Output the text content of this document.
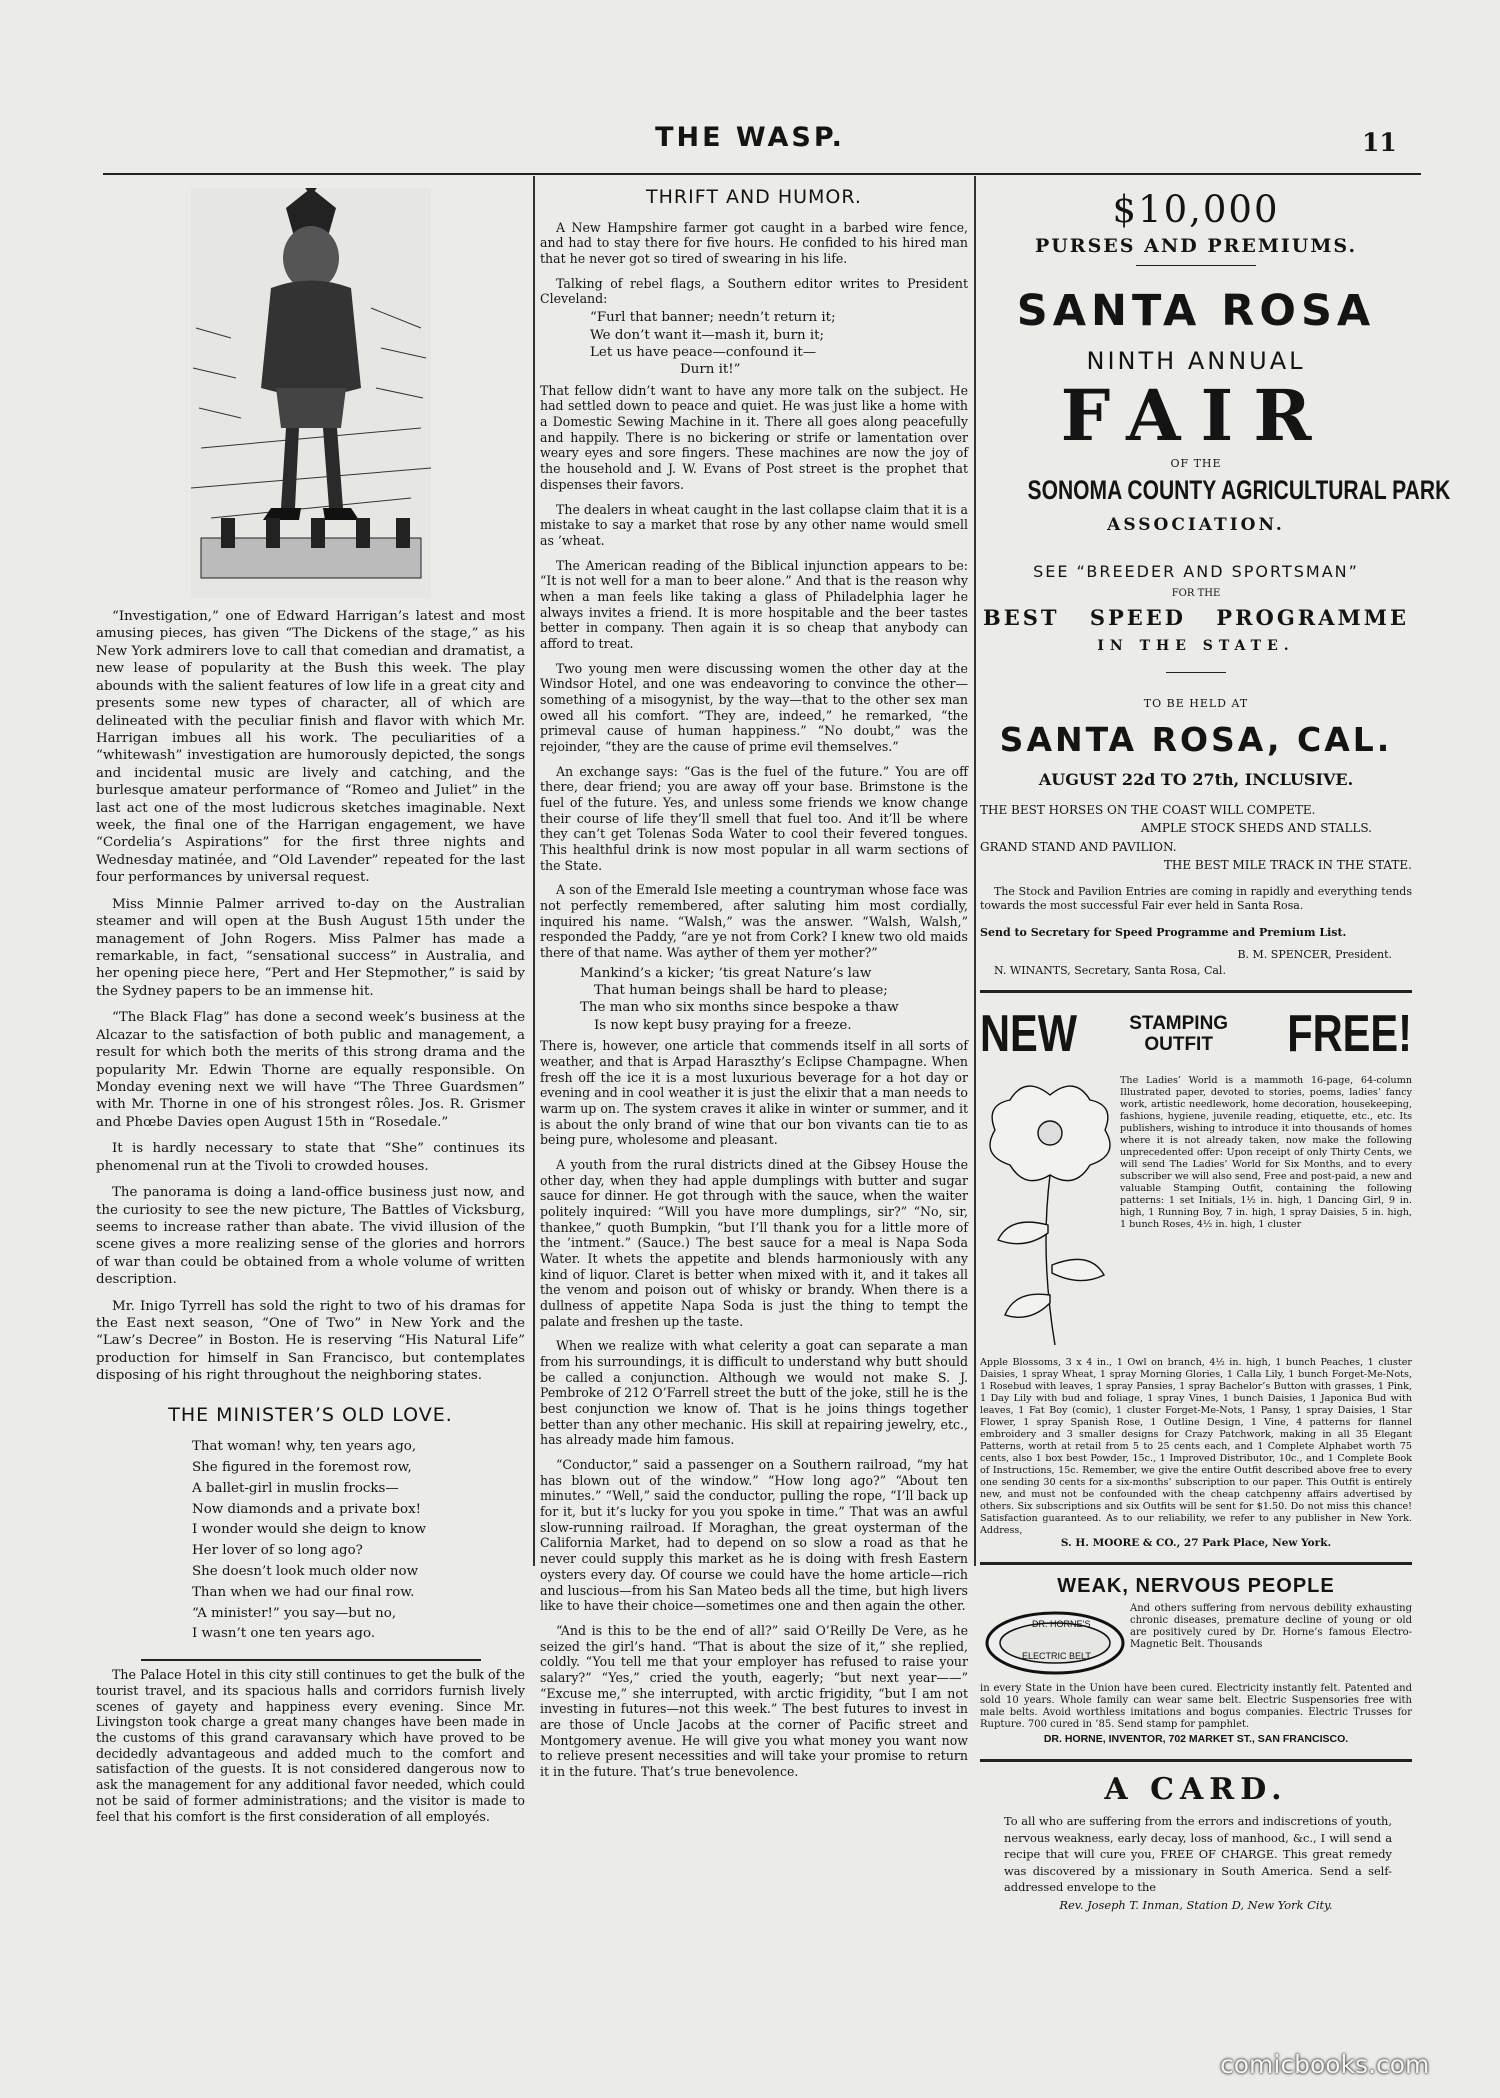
THE WASP.	11

“Investigation,” one of Edward Harrigan’s latest and most amusing pieces, has given “The Dickens of the stage,” as his New York admirers love to call that comedian and dramatist, a new lease of popularity at the Bush this week. The play abounds with the salient features of low life in a great city and presents some new types of character, all of which are delineated with the peculiar finish and flavor with which Mr. Harrigan imbues all his work. The peculiarities of a “whitewash” investigation are humorously depicted, the songs and incidental music are lively and catching, and the burlesque amateur performance of “Romeo and Juliet” in the last act one of the most ludicrous sketches imaginable. Next week, the final one of the Harrigan engagement, we have “Cordelia’s Aspirations” for the first three nights and Wednesday matinée, and “Old Lavender” repeated for the last four performances by universal request.

Miss Minnie Palmer arrived to-day on the Australian steamer and will open at the Bush August 15th under the management of John Rogers. Miss Palmer has made a remarkable, in fact, “sensational success” in Australia, and her opening piece here, “Pert and Her Stepmother,” is said by the Sydney papers to be an immense hit.

“The Black Flag” has done a second week’s business at the Alcazar to the satisfaction of both public and management, a result for which both the merits of this strong drama and the popularity Mr. Edwin Thorne are equally responsible. On Monday evening next we will have “The Three Guardsmen” with Mr. Thorne in one of his strongest rôles. Jos. R. Grismer and Phœbe Davies open August 15th in “Rosedale.”

It is hardly necessary to state that “She” continues its phenomenal run at the Tivoli to crowded houses.

The panorama is doing a land-office business just now, and the curiosity to see the new picture, The Battles of Vicksburg, seems to increase rather than abate. The vivid illusion of the scene gives a more realizing sense of the glories and horrors of war than could be obtained from a whole volume of written description.

Mr. Inigo Tyrrell has sold the right to two of his dramas for the East next season, “One of Two” in New York and the “Law’s Decree” in Boston. He is reserving “His Natural Life” production for himself in San Francisco, but contemplates disposing of his right throughout the neighboring states.

THE MINISTER’S OLD LOVE.
That woman! why, ten years ago,
She figured in the foremost row,
A ballet-girl in muslin frocks—
Now diamonds and a private box!
I wonder would she deign to know
Her lover of so long ago?
She doesn’t look much older now
Than when we had our final row.
“A minister!” you say—but no,
I wasn’t one ten years ago.

The Palace Hotel in this city still continues to get the bulk of the tourist travel, and its spacious halls and corridors furnish lively scenes of gayety and happiness every evening. Since Mr. Livingston took charge a great many changes have been made in the customs of this grand caravansary which have proved to be decidedly advantageous and added much to the comfort and satisfaction of the guests. It is not considered dangerous now to ask the management for any additional favor needed, which could not be said of former administrations; and the visitor is made to feel that his comfort is the first consideration of all employés.

THRIFT AND HUMOR.

A New Hampshire farmer got caught in a barbed wire fence, and had to stay there for five hours. He confided to his hired man that he never got so tired of swearing in his life.

Talking of rebel flags, a Southern editor writes to President Cleveland:

“Furl that banner; needn’t return it;
We don’t want it—mash it, burn it;
Let us have peace—confound it—
Durn it!”

That fellow didn’t want to have any more talk on the subject. He had settled down to peace and quiet. He was just like a home with a Domestic Sewing Machine in it. There all goes along peacefully and happily. There is no bickering or strife or lamentation over weary eyes and sore fingers. These machines are now the joy of the household and J. W. Evans of Post street is the prophet that dispenses their favors.

The dealers in wheat caught in the last collapse claim that it is a mistake to say a market that rose by any other name would smell as ’wheat.

The American reading of the Biblical injunction appears to be: “It is not well for a man to beer alone.” And that is the reason why when a man feels like taking a glass of Philadelphia lager he always invites a friend. It is more hospitable and the beer tastes better in company. Then again it is so cheap that anybody can afford to treat.

Two young men were discussing women the other day at the Windsor Hotel, and one was endeavoring to convince the other—something of a misogynist, by the way—that to the other sex man owed all his comfort. “They are, indeed,” he remarked, “the primeval cause of human happiness.” “No doubt,” was the rejoinder, “they are the cause of prime evil themselves.”

An exchange says: “Gas is the fuel of the future.” You are off there, dear friend; you are away off your base. Brimstone is the fuel of the future. Yes, and unless some friends we know change their course of life they’ll smell that fuel too. And it’ll be where they can’t get Tolenas Soda Water to cool their fevered tongues. This healthful drink is now most popular in all warm sections of the State.

A son of the Emerald Isle meeting a countryman whose face was not perfectly remembered, after saluting him most cordially, inquired his name. “Walsh,” was the answer. “Walsh, Walsh,” responded the Paddy, “are ye not from Cork? I knew two old maids there of that name. Was ayther of them yer mother?”

Mankind’s a kicker; ’tis great Nature’s law
That human beings shall be hard to please;
The man who six months since bespoke a thaw
Is now kept busy praying for a freeze.

There is, however, one article that commends itself in all sorts of weather, and that is Arpad Haraszthy’s Eclipse Champagne. When fresh off the ice it is a most luxurious beverage for a hot day or evening and in cool weather it is just the elixir that a man needs to warm up on. The system craves it alike in winter or summer, and it is about the only brand of wine that our bon vivants can tie to as being pure, wholesome and pleasant.

A youth from the rural districts dined at the Gibsey House the other day, when they had apple dumplings with butter and sugar sauce for dinner. He got through with the sauce, when the waiter politely inquired: “Will you have more dumplings, sir?” “No, sir, thankee,” quoth Bumpkin, “but I’ll thank you for a little more of the ’intment.” (Sauce.) The best sauce for a meal is Napa Soda Water. It whets the appetite and blends harmoniously with any kind of liquor. Claret is better when mixed with it, and it takes all the venom and poison out of whisky or brandy. When there is a dullness of appetite Napa Soda is just the thing to tempt the palate and freshen up the taste.

When we realize with what celerity a goat can separate a man from his surroundings, it is difficult to understand why butt should be called a conjunction. Although we would not make S. J. Pembroke of 212 O’Farrell street the butt of the joke, still he is the best conjunction we know of. That is he joins things together better than any other mechanic. His skill at repairing jewelry, etc., has already made him famous.

“Conductor,” said a passenger on a Southern railroad, “my hat has blown out of the window.” “How long ago?” “About ten minutes.” “Well,” said the conductor, pulling the rope, “I’ll back up for it, but it’s lucky for you you spoke in time.” That was an awful slow-running railroad. If Moraghan, the great oysterman of the California Market, had to depend on so slow a road as that he never could supply this market as he is doing with fresh Eastern oysters every day. Of course we could have the home article—rich and luscious—from his San Mateo beds all the time, but high livers like to have their choice—sometimes one and then again the other.

“And is this to be the end of all?” said O’Reilly De Vere, as he seized the girl’s hand. “That is about the size of it,” she replied, coldly. “You tell me that your employer has refused to raise your salary?” “Yes,” cried the youth, eagerly; “but next year——” “Excuse me,” she interrupted, with arctic frigidity, “but I am not investing in futures—not this week.” The best futures to invest in are those of Uncle Jacobs at the corner of Pacific street and Montgomery avenue. He will give you what money you want now to relieve present necessities and will take your promise to return it in the future. That’s true benevolence.

$10,000
PURSES AND PREMIUMS.
SANTA ROSA
NINTH ANNUAL
FAIR
OF THE
SONOMA COUNTY AGRICULTURAL PARK
ASSOCIATION.
SEE “BREEDER AND SPORTSMAN”
FOR THE
BEST SPEED PROGRAMME
IN THE STATE.
TO BE HELD AT
SANTA ROSA, CAL.
AUGUST 22d TO 27th, INCLUSIVE.
THE BEST HORSES ON THE COAST WILL COMPETE.
AMPLE STOCK SHEDS AND STALLS.
GRAND STAND AND PAVILION.
THE BEST MILE TRACK IN THE STATE.
The Stock and Pavilion Entries are coming in rapidly and everything tends towards the most successful Fair ever held in Santa Rosa.
Send to Secretary for Speed Programme and Premium List.
B. M. SPENCER, President.
N. WINANTS, Secretary, Santa Rosa, Cal.
NEW	STAMPING
OUTFIT FREE!
The Ladies’ World is a mammoth 16-page, 64-column Illustrated paper, devoted to stories, poems, ladies’ fancy work, artistic needlework, home decoration, housekeeping, fashions, hygiene, juvenile reading, etiquette, etc., etc. Its publishers, wishing to introduce it into thousands of homes where it is not already taken, now make the following unprecedented offer: Upon receipt of only Thirty Cents, we will send The Ladies’ World for Six Months, and to every subscriber we will also send, Free and post-paid, a new and valuable Stamping Outfit, containing the following patterns: 1 set Initials, 1½ in. high, 1 Dancing Girl, 9 in. high, 1 Running Boy, 7 in. high, 1 spray Daisies, 5 in. high, 1 bunch Roses, 4½ in. high, 1 cluster
Apple Blossoms, 3 x 4 in., 1 Owl on branch, 4½ in. high, 1 bunch Peaches, 1 cluster Daisies, 1 spray Wheat, 1 spray Morning Glories, 1 Calla Lily, 1 bunch Forget-Me-Nots, 1 Rosebud with leaves, 1 spray Pansies, 1 spray Bachelor’s Button with grasses, 1 Pink, 1 Day Lily with bud and foliage, 1 spray Vines, 1 bunch Daisies, 1 Japonica Bud with leaves, 1 Fat Boy (comic), 1 cluster Forget-Me-Nots, 1 Pansy, 1 spray Daisies, 1 Star Flower, 1 spray Spanish Rose, 1 Outline Design, 1 Vine, 4 patterns for flannel embroidery and 3 smaller designs for Crazy Patchwork, making in all 35 Elegant Patterns, worth at retail from 5 to 25 cents each, and 1 Complete Alphabet worth 75 cents, also 1 box best Powder, 15c., 1 Improved Distributor, 10c., and 1 Complete Book of Instructions, 15c. Remember, we give the entire Outfit described above free to every one sending 30 cents for a six-months’ subscription to our paper. This Outfit is entirely new, and must not be confounded with the cheap catchpenny affairs advertised by others. Six subscriptions and six Outfits will be sent for $1.50. Do not miss this chance! Satisfaction guaranteed. As to our reliability, we refer to any publisher in New York. Address,
S. H. MOORE & CO., 27 Park Place, New York.
WEAK, NERVOUS PEOPLE
DR. HORNE’S
ELECTRIC BELT
And others suffering from nervous debility exhausting chronic diseases, premature decline of young or old are positively cured by Dr. Horne’s famous Electro-Magnetic Belt. Thousands
in every State in the Union have been cured. Electricity instantly felt. Patented and sold 10 years. Whole family can wear same belt. Electric Suspensories free with male belts. Avoid worthless imitations and bogus companies. Electric Trusses for Rupture. 700 cured in ’85. Send stamp for pamphlet.
DR. HORNE, INVENTOR, 702 MARKET ST., SAN FRANCISCO.
A CARD.
To all who are suffering from the errors and indiscretions of youth, nervous weakness, early decay, loss of manhood, &c., I will send a recipe that will cure you, FREE OF CHARGE. This great remedy was discovered by a missionary in South America. Send a self-addressed envelope to the
Rev. Joseph T. Inman, Station D, New York City.
comicbooks.com
